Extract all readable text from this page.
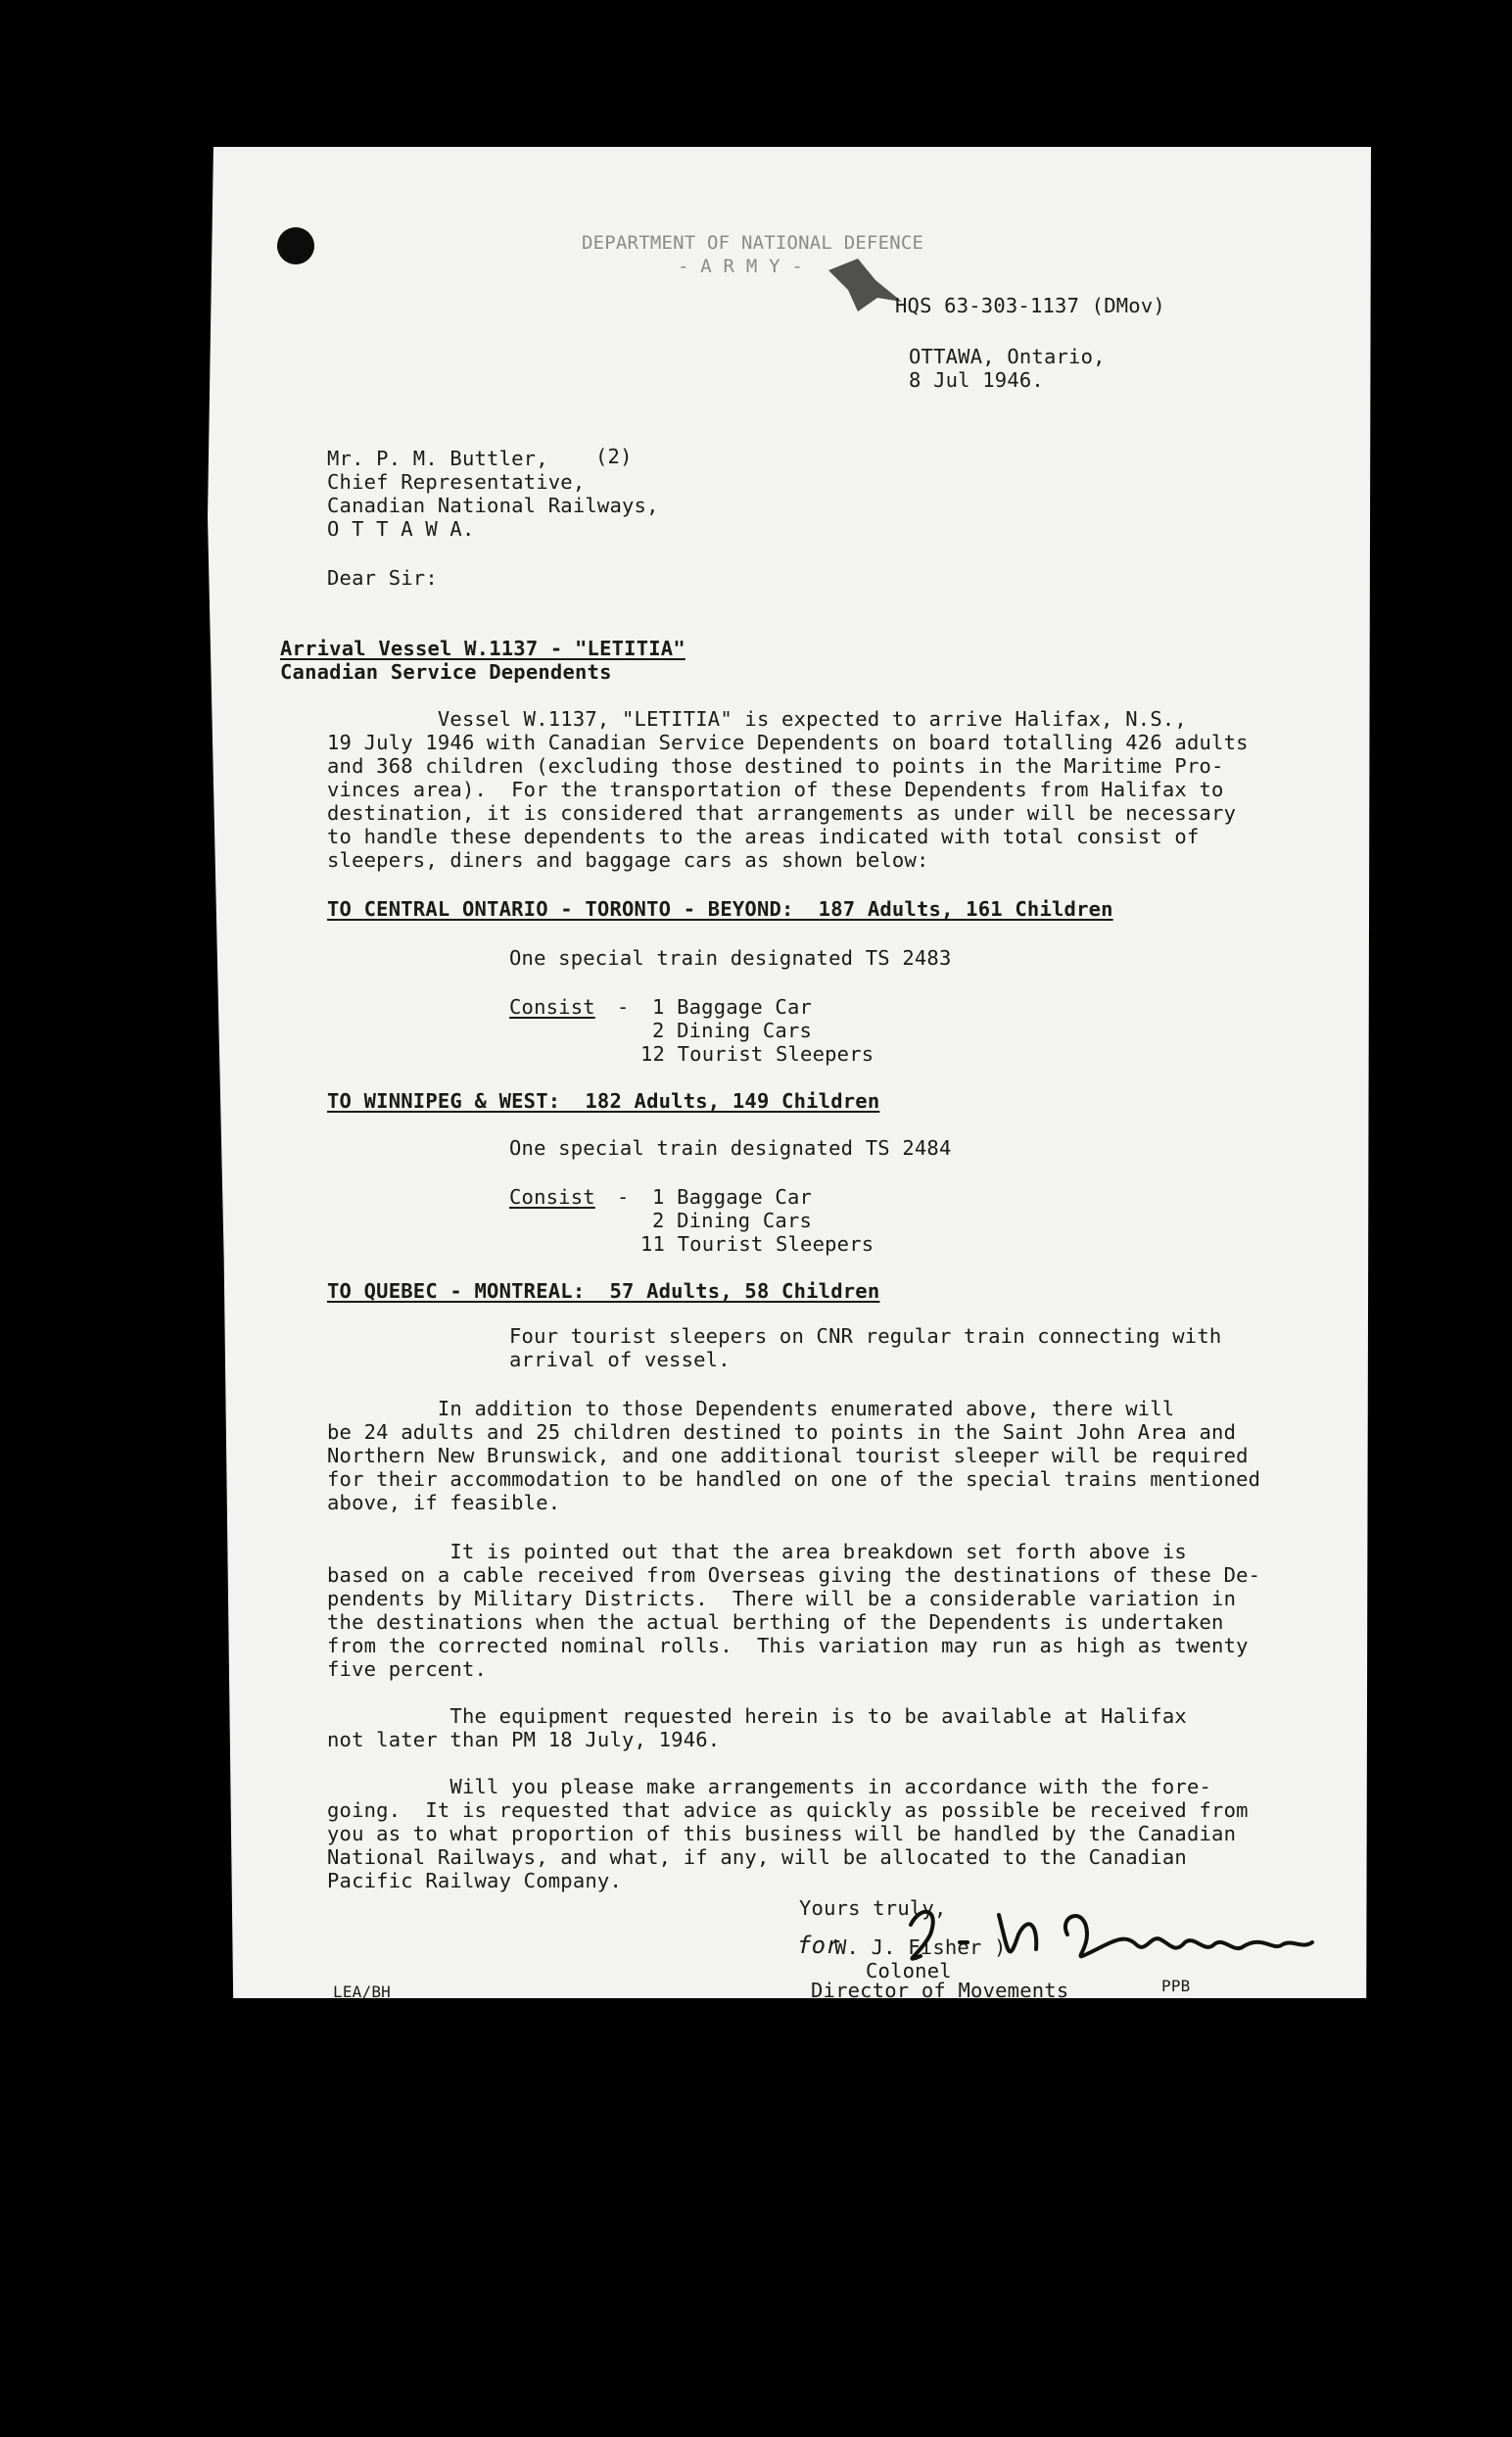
DEPARTMENT OF NATIONAL DEFENCE
- A R M Y -
HQS 63-303-1137 (DMov)
OTTAWA, Ontario,
8 Jul 1946.
Mr. P. M. Buttler, (2)
Chief Representative,
Canadian National Railways,
O T T A W A.
Dear Sir:
Arrival Vessel W.1137 - "LETITIA"
Canadian Service Dependents
Vessel W.1137, "LETITIA" is expected to arrive Halifax, N.S.,
19 July 1946 with Canadian Service Dependents on board totalling 426 adults
and 368 children (excluding those destined to points in the Maritime Pro-
vinces area).  For the transportation of these Dependents from Halifax to
destination, it is considered that arrangements as under will be necessary
to handle these dependents to the areas indicated with total consist of
sleepers, diners and baggage cars as shown below:
TO CENTRAL ONTARIO - TORONTO - BEYOND:  187 Adults, 161 Children
One special train designated TS 2483
Consist - 1 Baggage Car
2 Dining Cars
12 Tourist Sleepers
TO WINNIPEG & WEST:  182 Adults, 149 Children
One special train designated TS 2484
Consist - 1 Baggage Car
2 Dining Cars
11 Tourist Sleepers
TO QUEBEC - MONTREAL:  57 Adults, 58 Children
Four tourist sleepers on CNR regular train connecting with
arrival of vessel.
In addition to those Dependents enumerated above, there will
be 24 adults and 25 children destined to points in the Saint John Area and
Northern New Brunswick, and one additional tourist sleeper will be required
for their accommodation to be handled on one of the special trains mentioned
above, if feasible.
It is pointed out that the area breakdown set forth above is
based on a cable received from Overseas giving the destinations of these De-
pendents by Military Districts.  There will be a considerable variation in
the destinations when the actual berthing of the Dependents is undertaken
from the corrected nominal rolls.  This variation may run as high as twenty
five percent.
The equipment requested herein is to be available at Halifax
not later than PM 18 July, 1946.
Will you please make arrangements in accordance with the fore-
going.  It is requested that advice as quickly as possible be received from
you as to what proportion of this business will be handled by the Canadian
National Railways, and what, if any, will be allocated to the Canadian
Pacific Railway Company.
Yours truly,
for
W. J. Fisher )
Colonel
Director of Movements
LEA/BH	PPB
